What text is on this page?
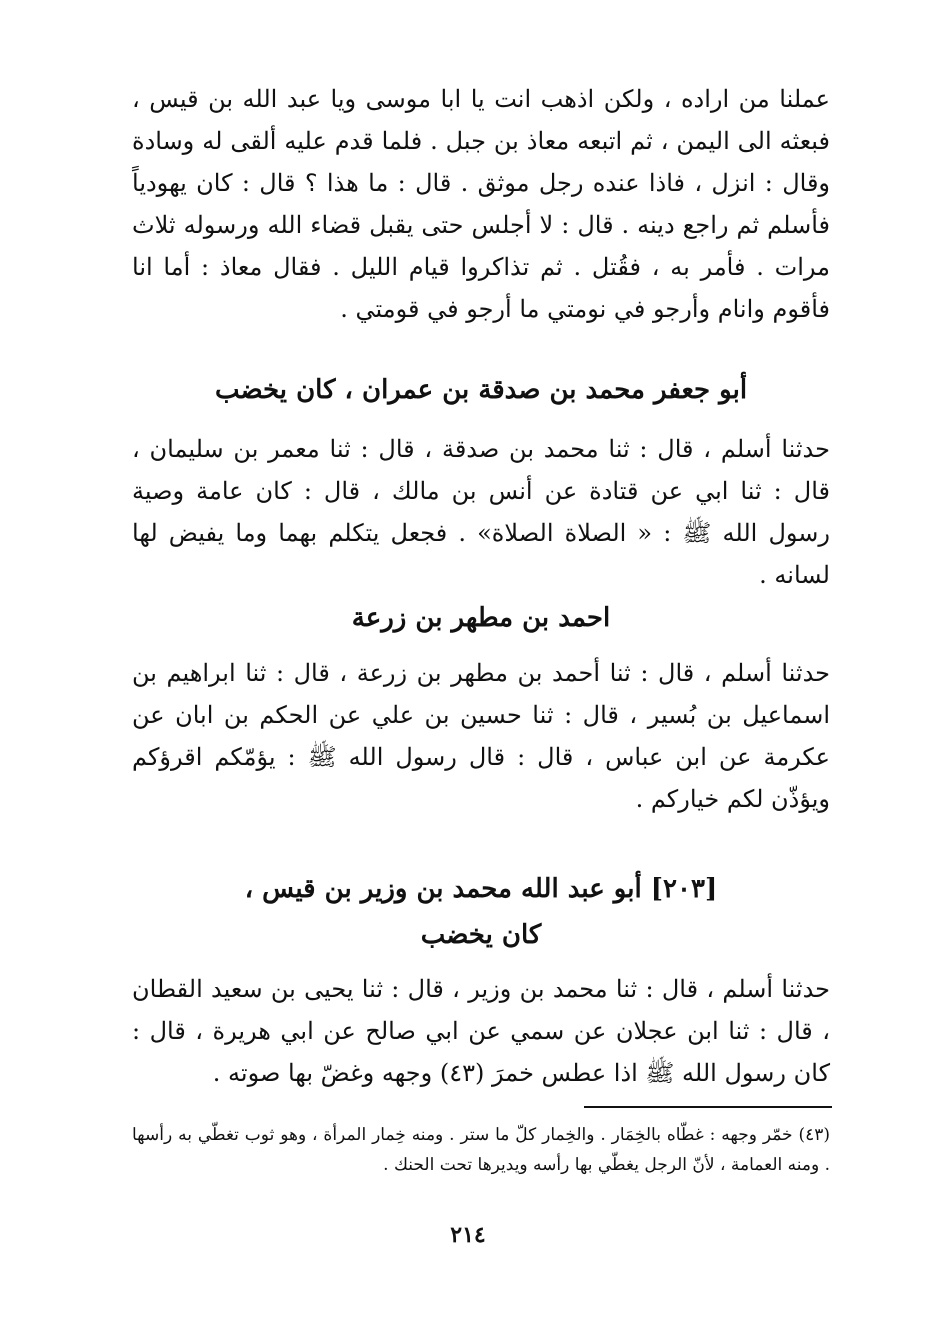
عملنا من اراده ، ولكن اذهب انت يا ابا موسى ويا عبد الله بن قيس ، فبعثه الى اليمن ، ثم اتبعه معاذ بن جبل . فلما قدم عليه ألقى له وسادة وقال : انزل ، فاذا عنده رجل موثق . قال : ما هذا ؟ قال : كان يهودياً فأسلم ثم راجع دينه . قال : لا أجلس حتى يقبل قضاء الله ورسوله ثلاث مرات . فأمر به ، فقُتل . ثم تذاكروا قيام الليل . فقال معاذ : أما انا فأقوم وانام وأرجو في نومتي ما أرجو في قومتي .

أبو جعفر محمد بن صدقة بن عمران ، كان يخضب

حدثنا أسلم ، قال : ثنا محمد بن صدقة ، قال : ثنا معمر بن سليمان ، قال : ثنا ابي عن قتادة عن أنس بن مالك ، قال : كان عامة وصية رسول الله ﷺ : « الصلاة الصلاة» . فجعل يتكلم بهما وما يفيض لها لسانه .

احمد بن مطهر بن زرعة

حدثنا أسلم ، قال : ثنا أحمد بن مطهر بن زرعة ، قال : ثنا ابراهيم بن اسماعيل بن بُسير ، قال : ثنا حسين بن علي عن الحكم بن ابان عن عكرمة عن ابن عباس ، قال : قال رسول الله ﷺ : يؤمّكم اقرؤكم ويؤذّن لكم خياركم .

[٢٠٣] أبو عبد الله محمد بن وزير بن قيس ،
كان يخضب

حدثنا أسلم ، قال : ثنا محمد بن وزير ، قال : ثنا يحيى بن سعيد القطان ، قال : ثنا ابن عجلان عن سمي عن ابي صالح عن ابي هريرة ، قال : كان رسول الله ﷺ اذا عطس خمرَ (٤٣) وجهه وغضّ بها صوته .

(٤٣) خمّر وجهه : غطّاه بالخِمَار . والخِمار كلّ ما ستر . ومنه خِمار المرأة ، وهو ثوب تغطّي به رأسها . ومنه العمامة ، لأنّ الرجل يغطّي بها رأسه ويديرها تحت الحنك .

٢١٤
